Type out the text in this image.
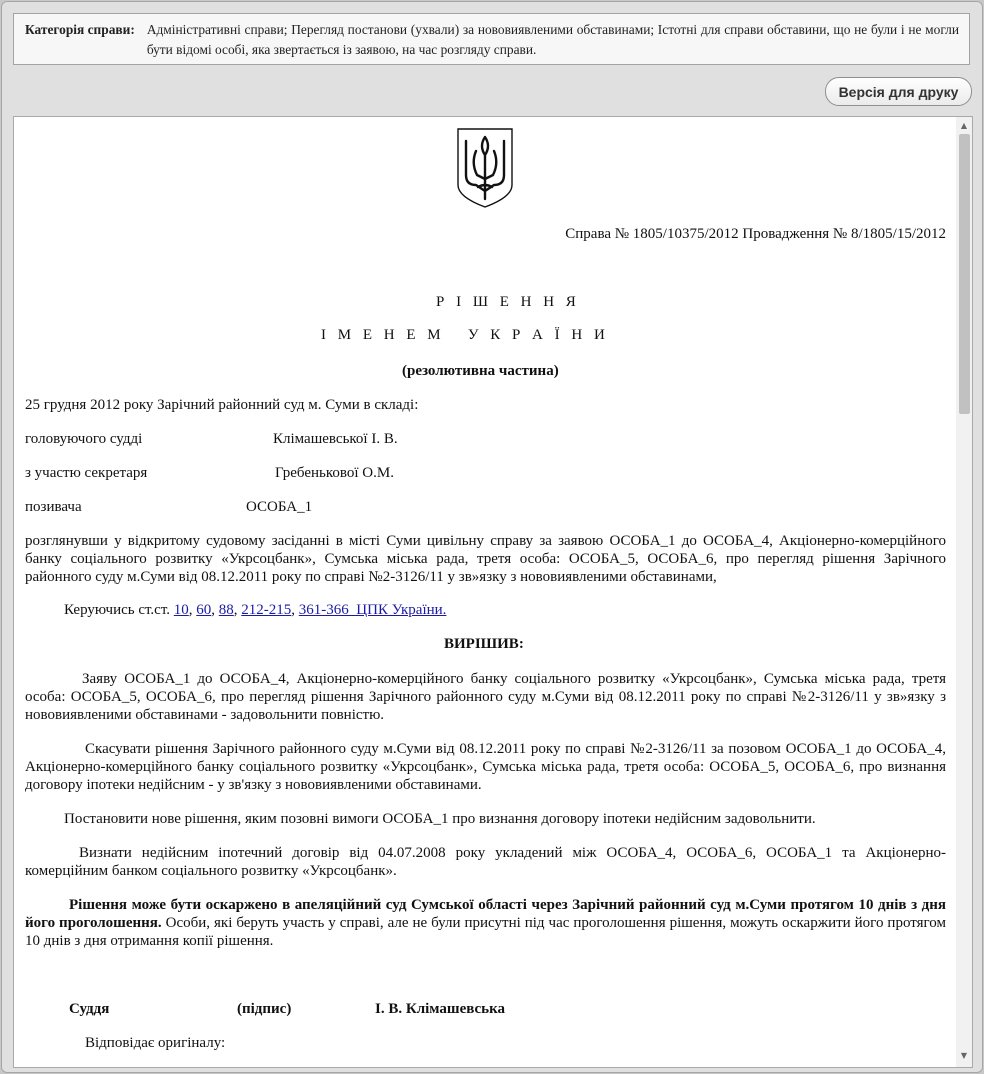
Категорія справи: Адміністративні справи; Перегляд постанови (ухвали) за нововиявленими обставинами; Істотні для справи обставини, що не були і не могли бути відомі особі, яка звертається із заявою, на час розгляду справи.
Версія для друку

Справа № 1805/10375/2012 Провадження № 8/1805/15/2012

Р І Ш Е Н Н Я

І М Е Н Е М   У К Р А Ї Н И

(резолютивна частина)

25 грудня 2012 року Зарічний районний суд м. Суми в складі:

головуючого судді	Клімашевської І. В.

з участю секретаря	Гребенькової О.М.

позивача	ОСОБА_1

розглянувши у відкритому судовому засіданні в місті Суми цивільну справу за заявою ОСОБА_1 до ОСОБА_4, Акціонерно-комерційного банку соціального розвитку «Укрсоцбанк», Сумська міська рада, третя особа: ОСОБА_5, ОСОБА_6, про перегляд рішення Зарічного районного суду м.Суми від 08.12.2011 року по справі №2-3126/11 у зв»язку з нововиявленими обставинами,

Керуючись ст.ст. 10, 60, 88, 212-215, 361-366  ЦПК України.

ВИРІШИВ:

Заяву ОСОБА_1 до ОСОБА_4, Акціонерно-комерційного банку соціального розвитку «Укрсоцбанк», Сумська міська рада, третя особа: ОСОБА_5, ОСОБА_6, про перегляд рішення Зарічного районного суду м.Суми від 08.12.2011 року по справі №2-3126/11 у зв»язку з нововиявленими обставинами - задовольнити повністю.

Скасувати рішення Зарічного районного суду м.Суми від 08.12.2011 року по справі №2-3126/11 за позовом ОСОБА_1 до ОСОБА_4, Акціонерно-комерційного банку соціального розвитку «Укрсоцбанк», Сумська міська рада, третя особа: ОСОБА_5, ОСОБА_6, про визнання договору іпотеки недійсним - у зв'язку з нововиявленими обставинами.

Постановити нове рішення, яким позовні вимоги ОСОБА_1 про визнання договору іпотеки недійсним задовольнити.

Визнати недійсним іпотечний договір від 04.07.2008 року укладений між ОСОБА_4, ОСОБА_6, ОСОБА_1 та Акціонерно-комерційним банком соціального розвитку «Укрсоцбанк».

Рішення може бути оскаржено в апеляційний суд Сумської області через Зарічний районний суд м.Суми протягом 10 днів з дня його проголошення. Особи, які беруть участь у справі, але не були присутні під час проголошення рішення, можуть оскаржити його протягом 10 днів з дня отримання копії рішення.

Суддя	(підпис)	І. В. Клімашевська

Відповідає оригіналу:

▲
▼
